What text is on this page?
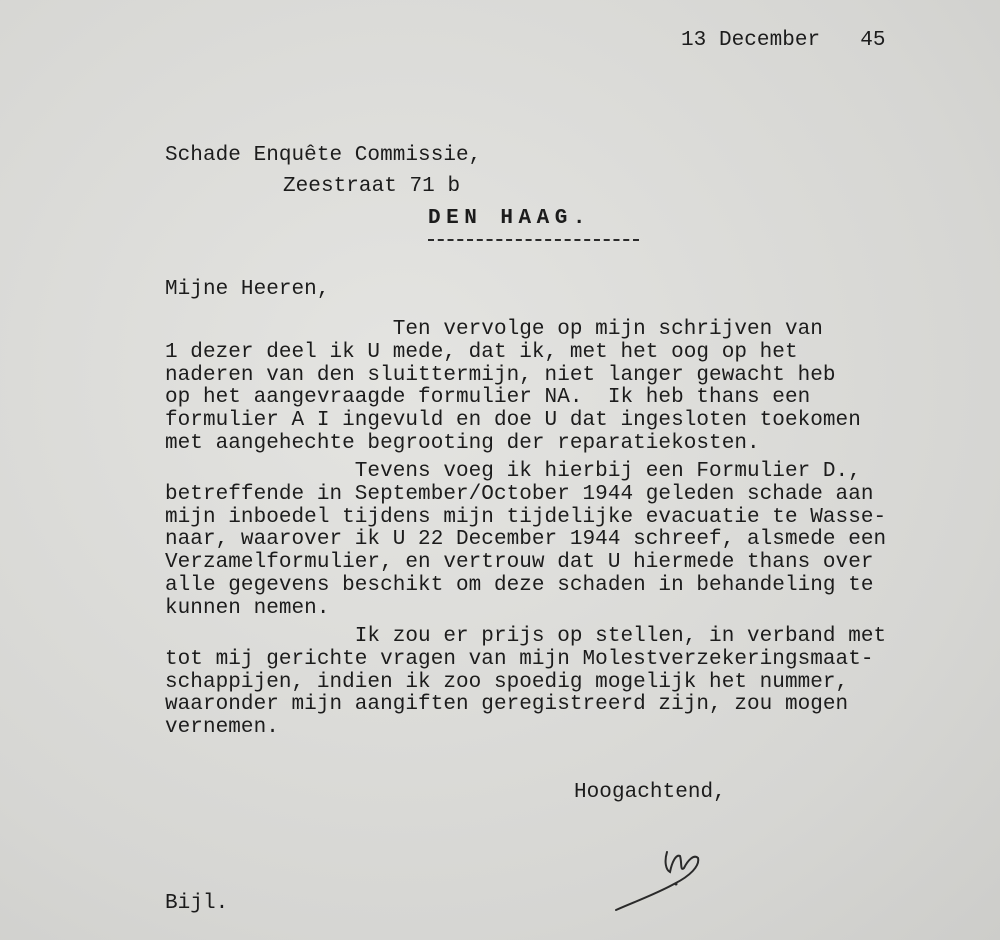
13 December 45

Schade Enquête Commissie,

Zeestraat 71 b

DEN HAAG.

Mijne Heeren,

Ten vervolge op mijn schrijven van
1 dezer deel ik U mede, dat ik, met het oog op het
naderen van den sluittermijn, niet langer gewacht heb
op het aangevraagde formulier NA.  Ik heb thans een
formulier A I ingevuld en doe U dat ingesloten toekomen
met aangehechte begrooting der reparatiekosten.

Tevens voeg ik hierbij een Formulier D.,
betreffende in September/October 1944 geleden schade aan
mijn inboedel tijdens mijn tijdelijke evacuatie te Wasse-
naar, waarover ik U 22 December 1944 schreef, alsmede een
Verzamelformulier, en vertrouw dat U hiermede thans over
alle gegevens beschikt om deze schaden in behandeling te
kunnen nemen.

Ik zou er prijs op stellen, in verband met
tot mij gerichte vragen van mijn Molestverzekeringsmaat-
schappijen, indien ik zoo spoedig mogelijk het nummer,
waaronder mijn aangiften geregistreerd zijn, zou mogen
vernemen.

Hoogachtend,

Bijl.
